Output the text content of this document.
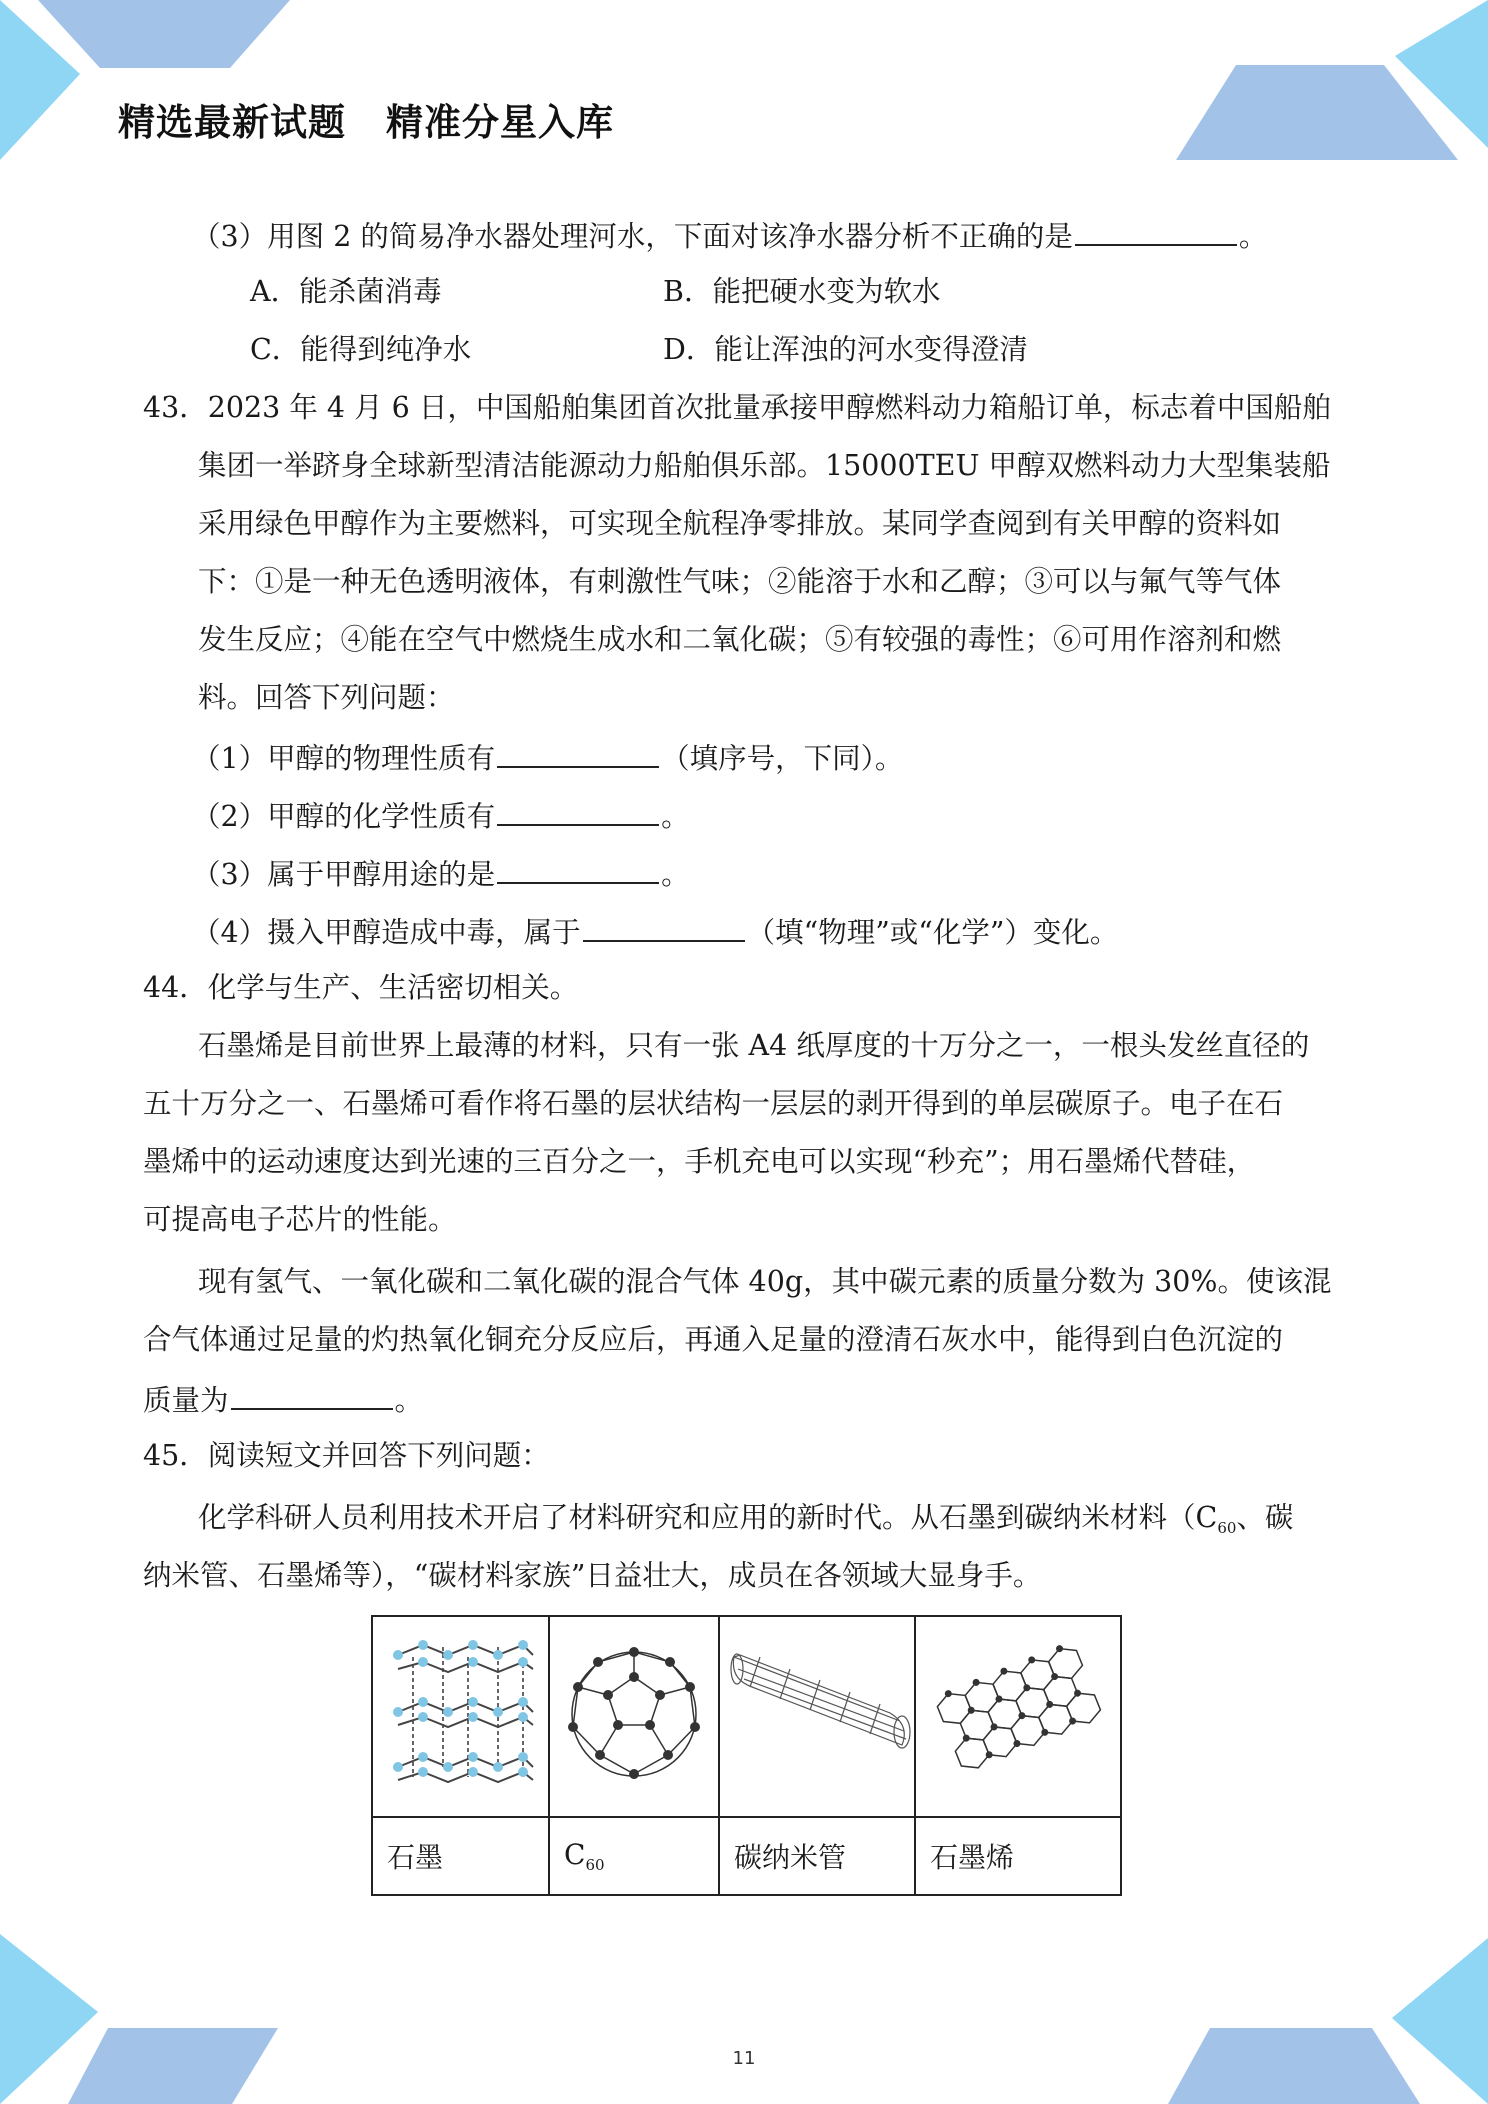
精选最新试题 精准分星入库
（3）用图 2 的简易净水器处理河水，下面对该净水器分析不正确的是	。
A．能杀菌消毒	B．能把硬水变为软水
C．能得到纯净水	D．能让浑浊的河水变得澄清
43．2023 年 4 月 6 日，中国船舶集团首次批量承接甲醇燃料动力箱船订单，标志着中国船舶
集团一举跻身全球新型清洁能源动力船舶俱乐部。15000TEU 甲醇双燃料动力大型集装船
采用绿色甲醇作为主要燃料，可实现全航程净零排放。某同学查阅到有关甲醇的资料如
下：①是一种无色透明液体，有刺激性气味；②能溶于水和乙醇；③可以与氟气等气体
发生反应；④能在空气中燃烧生成水和二氧化碳；⑤有较强的毒性；⑥可用作溶剂和燃
料。回答下列问题：
（1）甲醇的物理性质有	（填序号，下同）。
（2）甲醇的化学性质有	。
（3）属于甲醇用途的是	。
（4）摄入甲醇造成中毒，属于	（填“物理”或“化学”）变化。
44．化学与生产、生活密切相关。
石墨烯是目前世界上最薄的材料，只有一张 A4 纸厚度的十万分之一，一根头发丝直径的
五十万分之一、石墨烯可看作将石墨的层状结构一层层的剥开得到的单层碳原子。电子在石
墨烯中的运动速度达到光速的三百分之一，手机充电可以实现“秒充”；用石墨烯代替硅，
可提高电子芯片的性能。
现有氢气、一氧化碳和二氧化碳的混合气体 40g，其中碳元素的质量分数为 30%。使该混
合气体通过足量的灼热氧化铜充分反应后，再通入足量的澄清石灰水中，能得到白色沉淀的
质量为	。
45．阅读短文并回答下列问题：
化学科研人员利用技术开启了材料研究和应用的新时代。从石墨到碳纳米材料（$C_{60}$、碳
纳米管、石墨烯等），“碳材料家族”日益壮大，成员在各领域大显身手。

石墨	$C_{60}$	碳纳米管	石墨烯
11
